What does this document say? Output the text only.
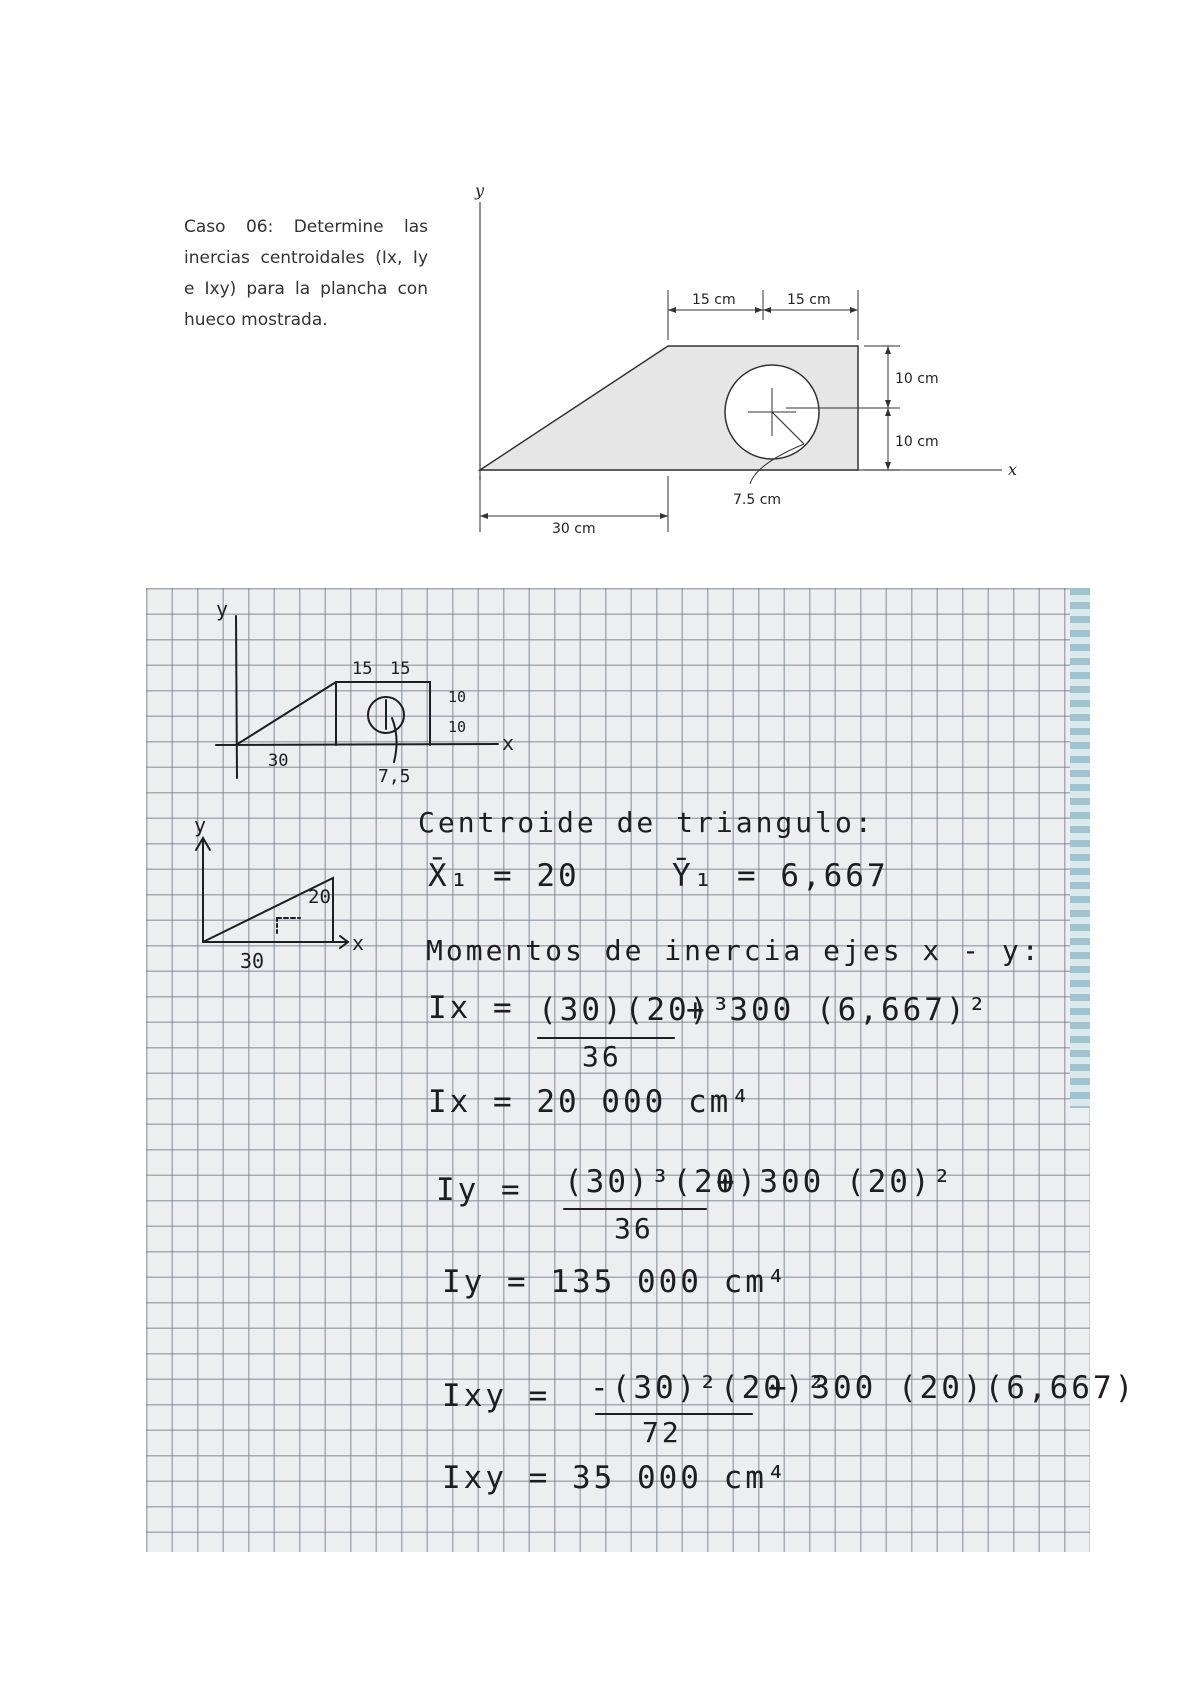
Caso 06: Determine las inercias centroidales (Ix, Iy e Ixy) para la plancha con hueco mostrada.
y
x
7.5 cm
15 cm	15 cm
10 cm
10 cm
30 cm
y
x
15 15
10
10
30
7,5
y
x
20
30
Centroide de triangulo:
X̄₁ = 20	Ȳ₁ = 6,667
Momentos de inercia ejes x - y:
Ix = (30)(20)³
36
+ 300 (6,667)²
Ix = 20 000 cm⁴
Iy = (30)³(20)
36
+ 300 (20)²
Iy = 135 000 cm⁴
Ixy = -(30)²(20)²
72
+ 300 (20)(6,667)
Ixy = 35 000 cm⁴
